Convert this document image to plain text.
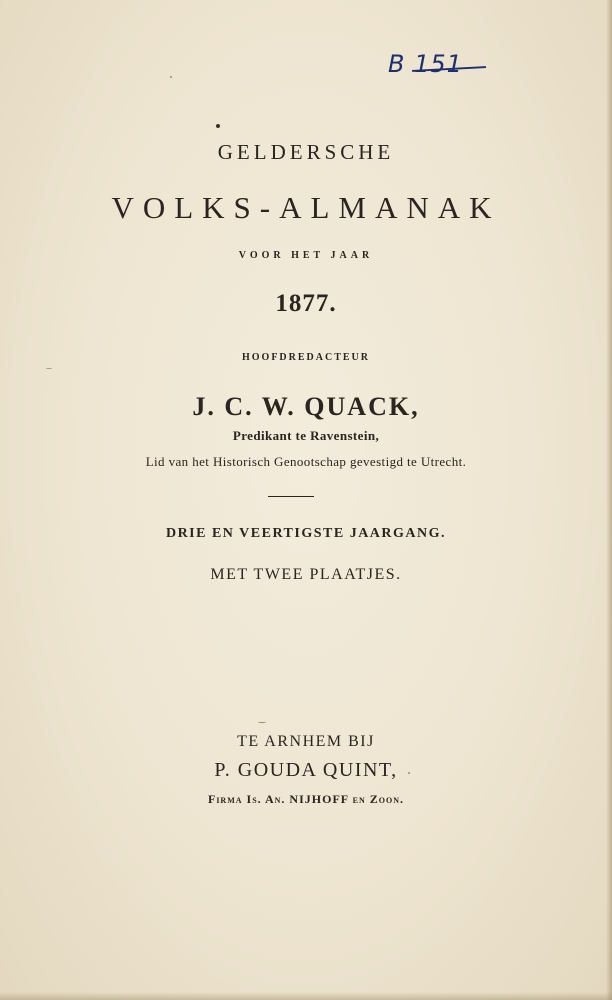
B 151
GELDERSCHE
VOLKS-ALMANAK
VOOR HET JAAR
1877.
HOOFDREDACTEUR
J. C. W. QUACK,
Predikant te Ravenstein,
Lid van het Historisch Genootschap gevestigd te Utrecht.
DRIE EN VEERTIGSTE JAARGANG.
MET TWEE PLAATJES.
TE ARNHEM BIJ
P. GOUDA QUINT,
Firma Is. An. NIJHOFF en Zoon.
